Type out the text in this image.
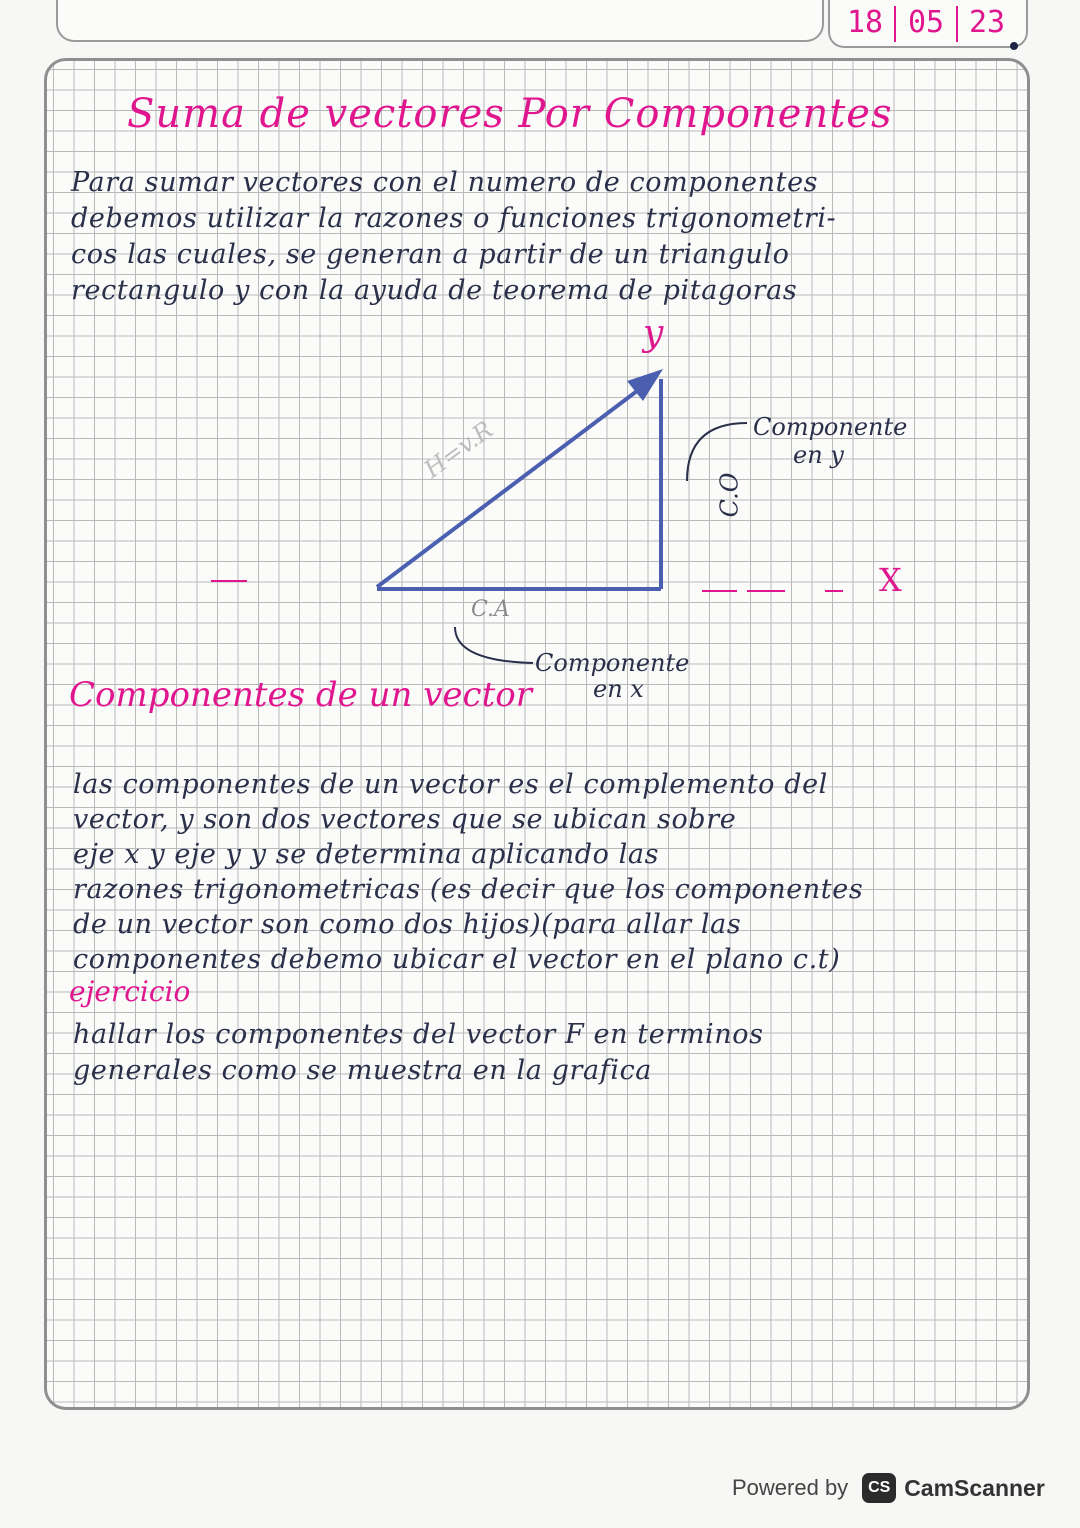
18 05 23
Suma de vectores Por Componentes
Para sumar vectores con el numero de componentes
debemos utilizar la razones o funciones trigonometri-
cos las cuales, se generan a partir de un triangulo
rectangulo y con la ayuda de teorema de pitagoras
y
X
H=v.R
C.O
C.A
Componente
en y
Componente
en x
Componentes de un vector
las componentes de un vector es el complemento del
vector, y son dos vectores que se ubican sobre
eje x y eje y y se determina aplicando las
razones trigonometricas (es decir que los componentes
de un vector son como dos hijos)(para allar las
componentes debemo ubicar el vector en el plano c.t)
ejercicio
hallar los componentes del vector F en terminos
generales como se muestra en la grafica
Powered by	CS CamScanner
